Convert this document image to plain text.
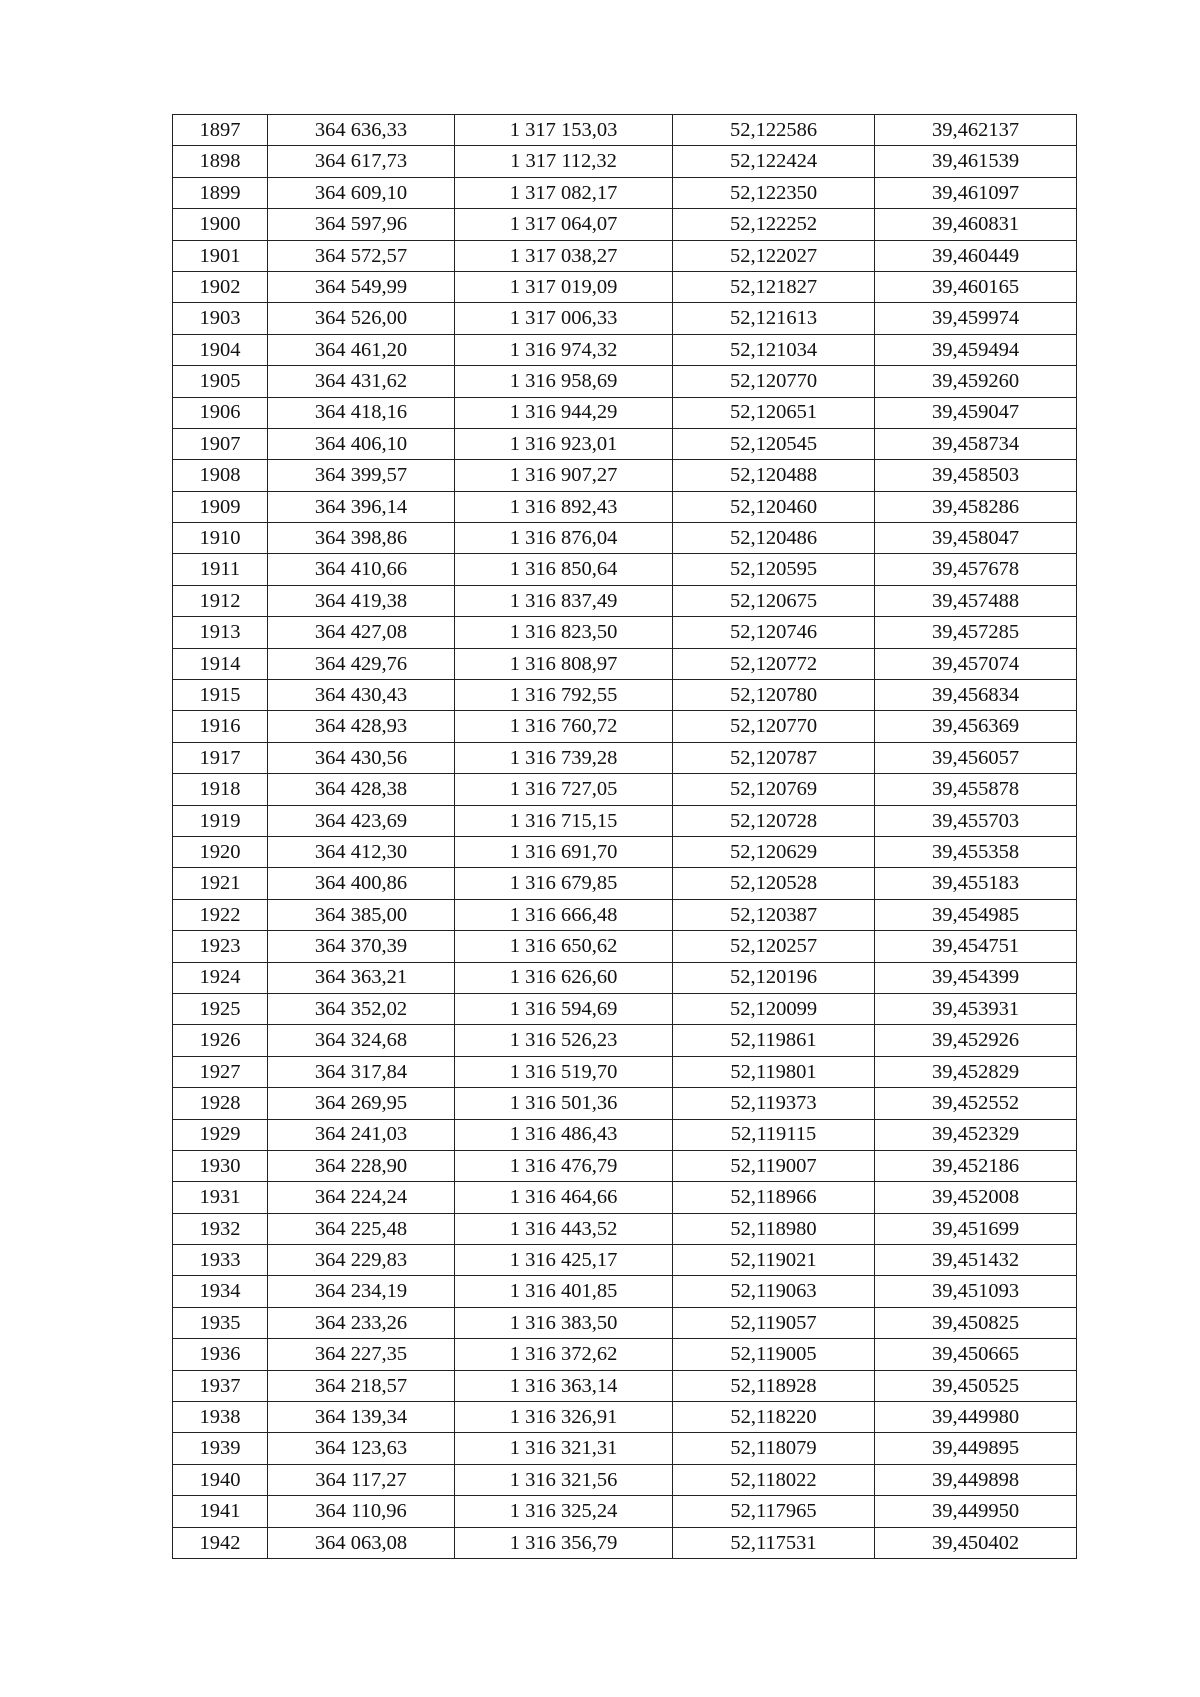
1897	364 636,33	1 317 153,03	52,122586	39,462137
1898	364 617,73	1 317 112,32	52,122424	39,461539
1899	364 609,10	1 317 082,17	52,122350	39,461097
1900	364 597,96	1 317 064,07	52,122252	39,460831
1901	364 572,57	1 317 038,27	52,122027	39,460449
1902	364 549,99	1 317 019,09	52,121827	39,460165
1903	364 526,00	1 317 006,33	52,121613	39,459974
1904	364 461,20	1 316 974,32	52,121034	39,459494
1905	364 431,62	1 316 958,69	52,120770	39,459260
1906	364 418,16	1 316 944,29	52,120651	39,459047
1907	364 406,10	1 316 923,01	52,120545	39,458734
1908	364 399,57	1 316 907,27	52,120488	39,458503
1909	364 396,14	1 316 892,43	52,120460	39,458286
1910	364 398,86	1 316 876,04	52,120486	39,458047
1911	364 410,66	1 316 850,64	52,120595	39,457678
1912	364 419,38	1 316 837,49	52,120675	39,457488
1913	364 427,08	1 316 823,50	52,120746	39,457285
1914	364 429,76	1 316 808,97	52,120772	39,457074
1915	364 430,43	1 316 792,55	52,120780	39,456834
1916	364 428,93	1 316 760,72	52,120770	39,456369
1917	364 430,56	1 316 739,28	52,120787	39,456057
1918	364 428,38	1 316 727,05	52,120769	39,455878
1919	364 423,69	1 316 715,15	52,120728	39,455703
1920	364 412,30	1 316 691,70	52,120629	39,455358
1921	364 400,86	1 316 679,85	52,120528	39,455183
1922	364 385,00	1 316 666,48	52,120387	39,454985
1923	364 370,39	1 316 650,62	52,120257	39,454751
1924	364 363,21	1 316 626,60	52,120196	39,454399
1925	364 352,02	1 316 594,69	52,120099	39,453931
1926	364 324,68	1 316 526,23	52,119861	39,452926
1927	364 317,84	1 316 519,70	52,119801	39,452829
1928	364 269,95	1 316 501,36	52,119373	39,452552
1929	364 241,03	1 316 486,43	52,119115	39,452329
1930	364 228,90	1 316 476,79	52,119007	39,452186
1931	364 224,24	1 316 464,66	52,118966	39,452008
1932	364 225,48	1 316 443,52	52,118980	39,451699
1933	364 229,83	1 316 425,17	52,119021	39,451432
1934	364 234,19	1 316 401,85	52,119063	39,451093
1935	364 233,26	1 316 383,50	52,119057	39,450825
1936	364 227,35	1 316 372,62	52,119005	39,450665
1937	364 218,57	1 316 363,14	52,118928	39,450525
1938	364 139,34	1 316 326,91	52,118220	39,449980
1939	364 123,63	1 316 321,31	52,118079	39,449895
1940	364 117,27	1 316 321,56	52,118022	39,449898
1941	364 110,96	1 316 325,24	52,117965	39,449950
1942	364 063,08	1 316 356,79	52,117531	39,450402
